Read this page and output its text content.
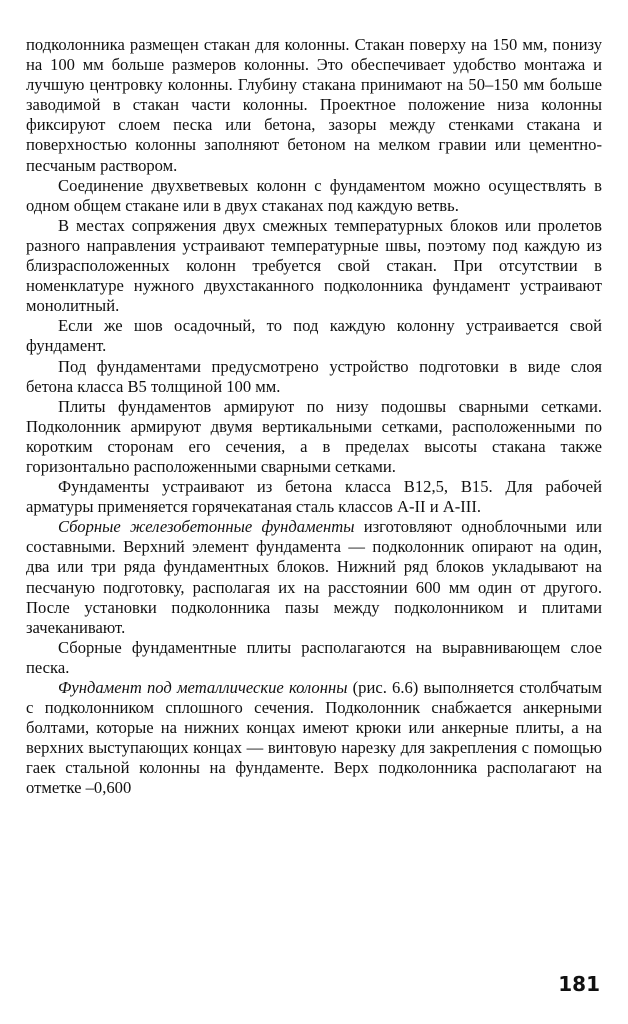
подколонника размещен стакан для колонны. Стакан поверху на 150 мм, понизу на 100 мм больше размеров колонны. Это обеспечивает удобство монтажа и лучшую центровку колонны. Глубину стакана принимают на 50–150 мм больше заводимой в стакан части колонны. Проектное положение низа колонны фиксируют слоем песка или бетона, зазоры между стенками стакана и поверхностью колонны заполняют бетоном на мелком гравии или цементно-песчаным раствором.

Соединение двухветвевых колонн с фундаментом можно осуществлять в одном общем стакане или в двух стаканах под каждую ветвь.

В местах сопряжения двух смежных температурных блоков или пролетов разного направления устраивают температурные швы, поэтому под каждую из близрасположенных колонн требуется свой стакан. При отсутствии в номенклатуре нужного двухстаканного подколонника фундамент устраивают монолитный.

Если же шов осадочный, то под каждую колонну устраивается свой фундамент.

Под фундаментами предусмотрено устройство подготовки в виде слоя бетона класса В5 толщиной 100 мм.

Плиты фундаментов армируют по низу подошвы сварными сетками. Подколонник армируют двумя вертикальными сетками, расположенными по коротким сторонам его сечения, а в пределах высоты стакана также горизонтально расположенными сварными сетками.

Фундаменты устраивают из бетона класса В12,5, В15. Для рабочей арматуры применяется горячекатаная сталь классов А-II и А-III.

Сборные железобетонные фундаменты изготовляют одноблочными или составными. Верхний элемент фундамента — подколонник опирают на один, два или три ряда фундаментных блоков. Нижний ряд блоков укладывают на песчаную подготовку, располагая их на расстоянии 600 мм один от другого. После установки подколонника пазы между подколонником и плитами зачеканивают.

Сборные фундаментные плиты располагаются на выравнивающем слое песка.

Фундамент под металлические колонны (рис. 6.6) выполняется столбчатым с подколонником сплошного сечения. Подколонник снабжается анкерными болтами, которые на нижних концах имеют крюки или анкерные плиты, а на верхних выступающих концах — винтовую нарезку для закрепления с помощью гаек стальной колонны на фундаменте. Верх подколонника располагают на отметке –0,600

181
